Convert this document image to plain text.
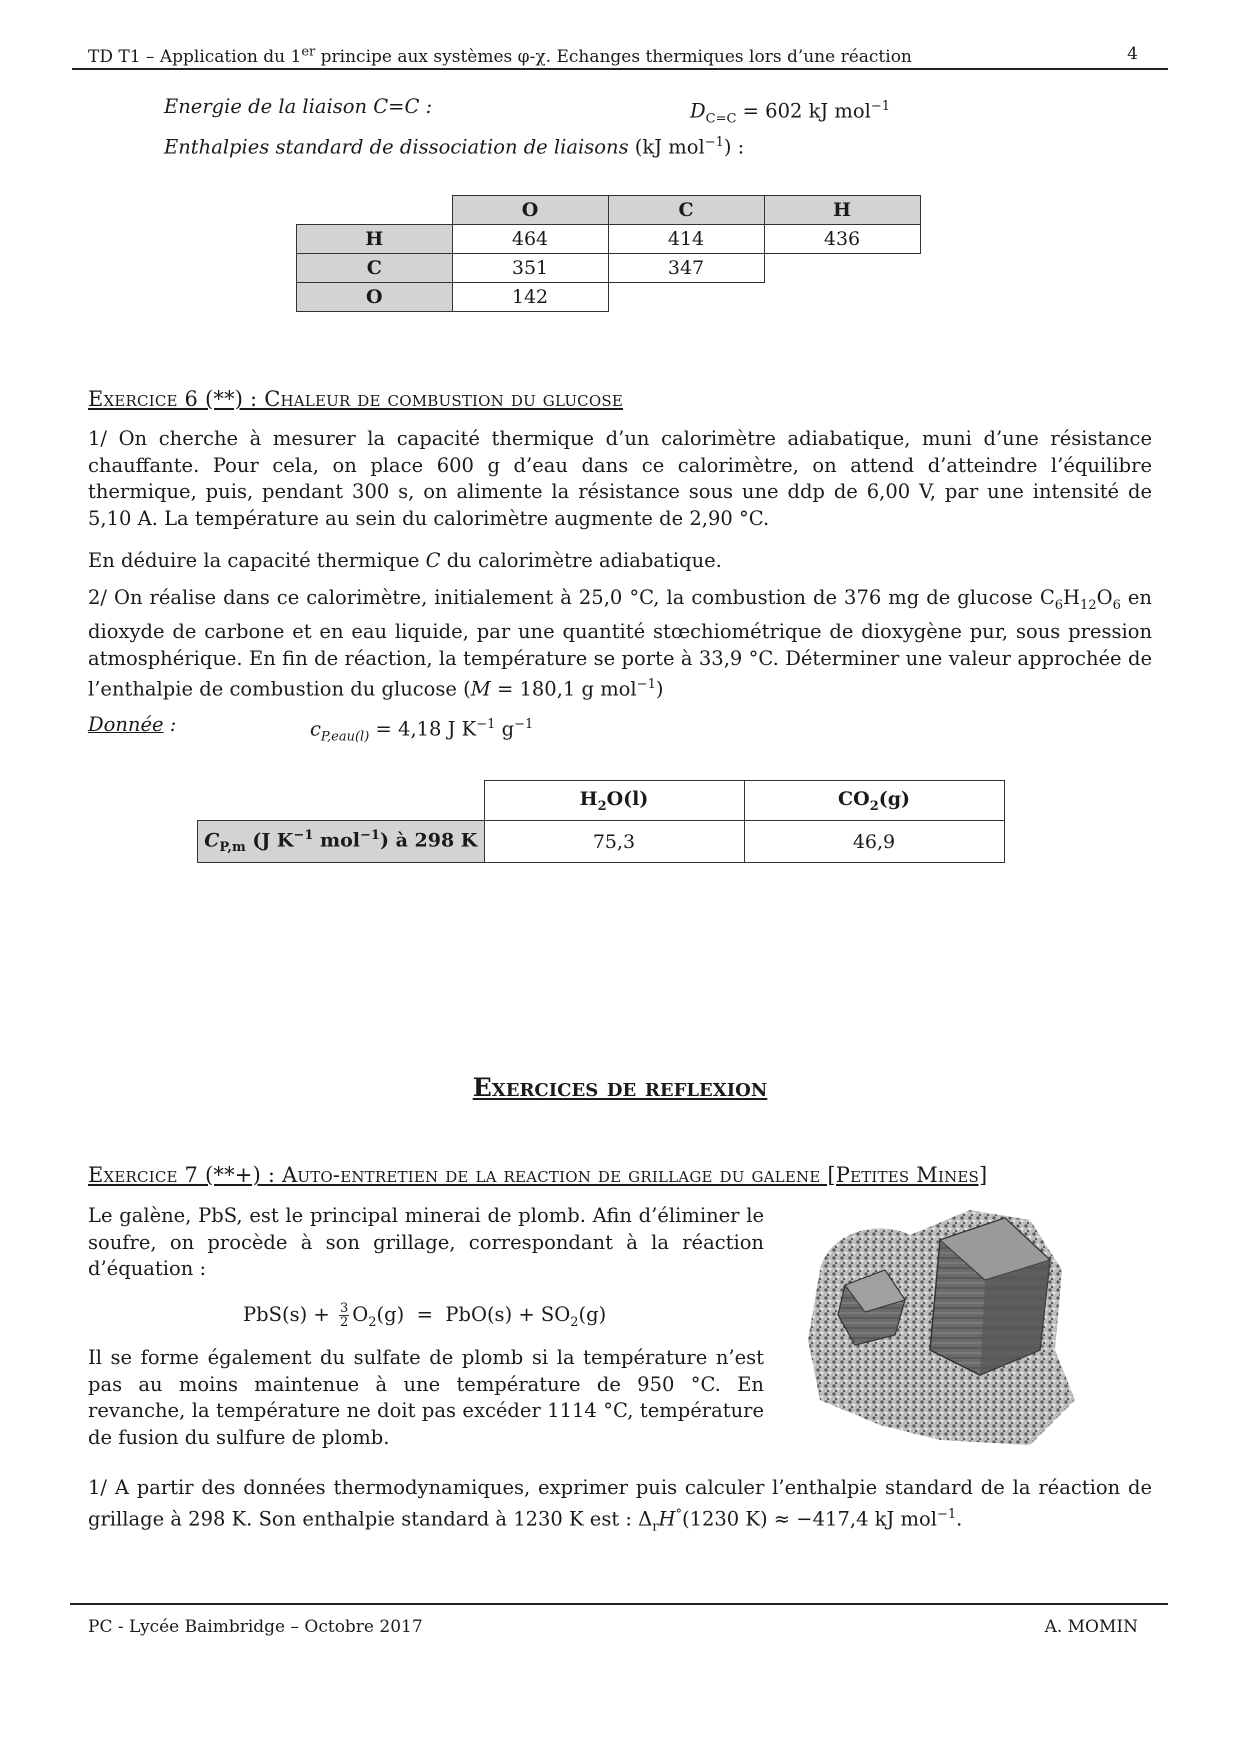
TD T1 – Application du 1er principe aux systèmes φ-χ. Echanges thermiques lors d’une réaction	4
Energie de la liaison C=C :	$D_{C=C} = 602$ kJ mol$^{-1}$
Enthalpies standard de dissociation de liaisons (kJ mol$^{-1}$) :
	O	C	H
H	464	414	436
C	351	347	
O	142		
Exercice 6 (**) : Chaleur de combustion du glucose

1/ On cherche à mesurer la capacité thermique d’un calorimètre adiabatique, muni d’une résistance chauffante. Pour cela, on place 600 g d’eau dans ce calorimètre, on attend d’atteindre l’équilibre thermique, puis, pendant 300 s, on alimente la résistance sous une ddp de 6,00 V, par une intensité de 5,10 A. La température au sein du calorimètre augmente de 2,90 °C.

En déduire la capacité thermique C du calorimètre adiabatique.

2/ On réalise dans ce calorimètre, initialement à 25,0 °C, la combustion de 376 mg de glucose $C_6H_{12}O_6$ en dioxyde de carbone et en eau liquide, par une quantité stœchiométrique de dioxygène pur, sous pression atmosphérique. En fin de réaction, la température se porte à 33,9 °C. Déterminer une valeur approchée de l’enthalpie de combustion du glucose (M = 180,1 g mol$^{-1}$)

Donnée :	$c_{P,eau(l)} = 4,18$ J $K^{-1}$ $g^{-1}$
	$H_2O(l)$	$CO_2(g)$
$C_{P,m}$ (J $K^{-1}$ mol$^{-1}$) à 298 K	75,3	46,9
Exercices de reflexion
Exercice 7 (**+) : Auto-entretien de la reaction de grillage du galene [Petites Mines]

Le galène, PbS, est le principal minerai de plomb. Afin d’éliminer le soufre, on procède à son grillage, correspondant à la réaction d’équation :

$PbS(s) + \frac{3}{2} O_2(g) = PbO(s) + SO_2(g)$

Il se forme également du sulfate de plomb si la température n’est pas au moins maintenue à une température de 950 °C. En revanche, la température ne doit pas excéder 1114 °C, température de fusion du sulfure de plomb.

1/ A partir des données thermodynamiques, exprimer puis calculer l’enthalpie standard de la réaction de grillage à 298 K. Son enthalpie standard à 1230 K est : $\Delta_rH^\circ(1230$ K) ≈ −417,4 kJ mol$^{-1}$.

PC - Lycée Baimbridge – Octobre 2017	A. MOMIN
